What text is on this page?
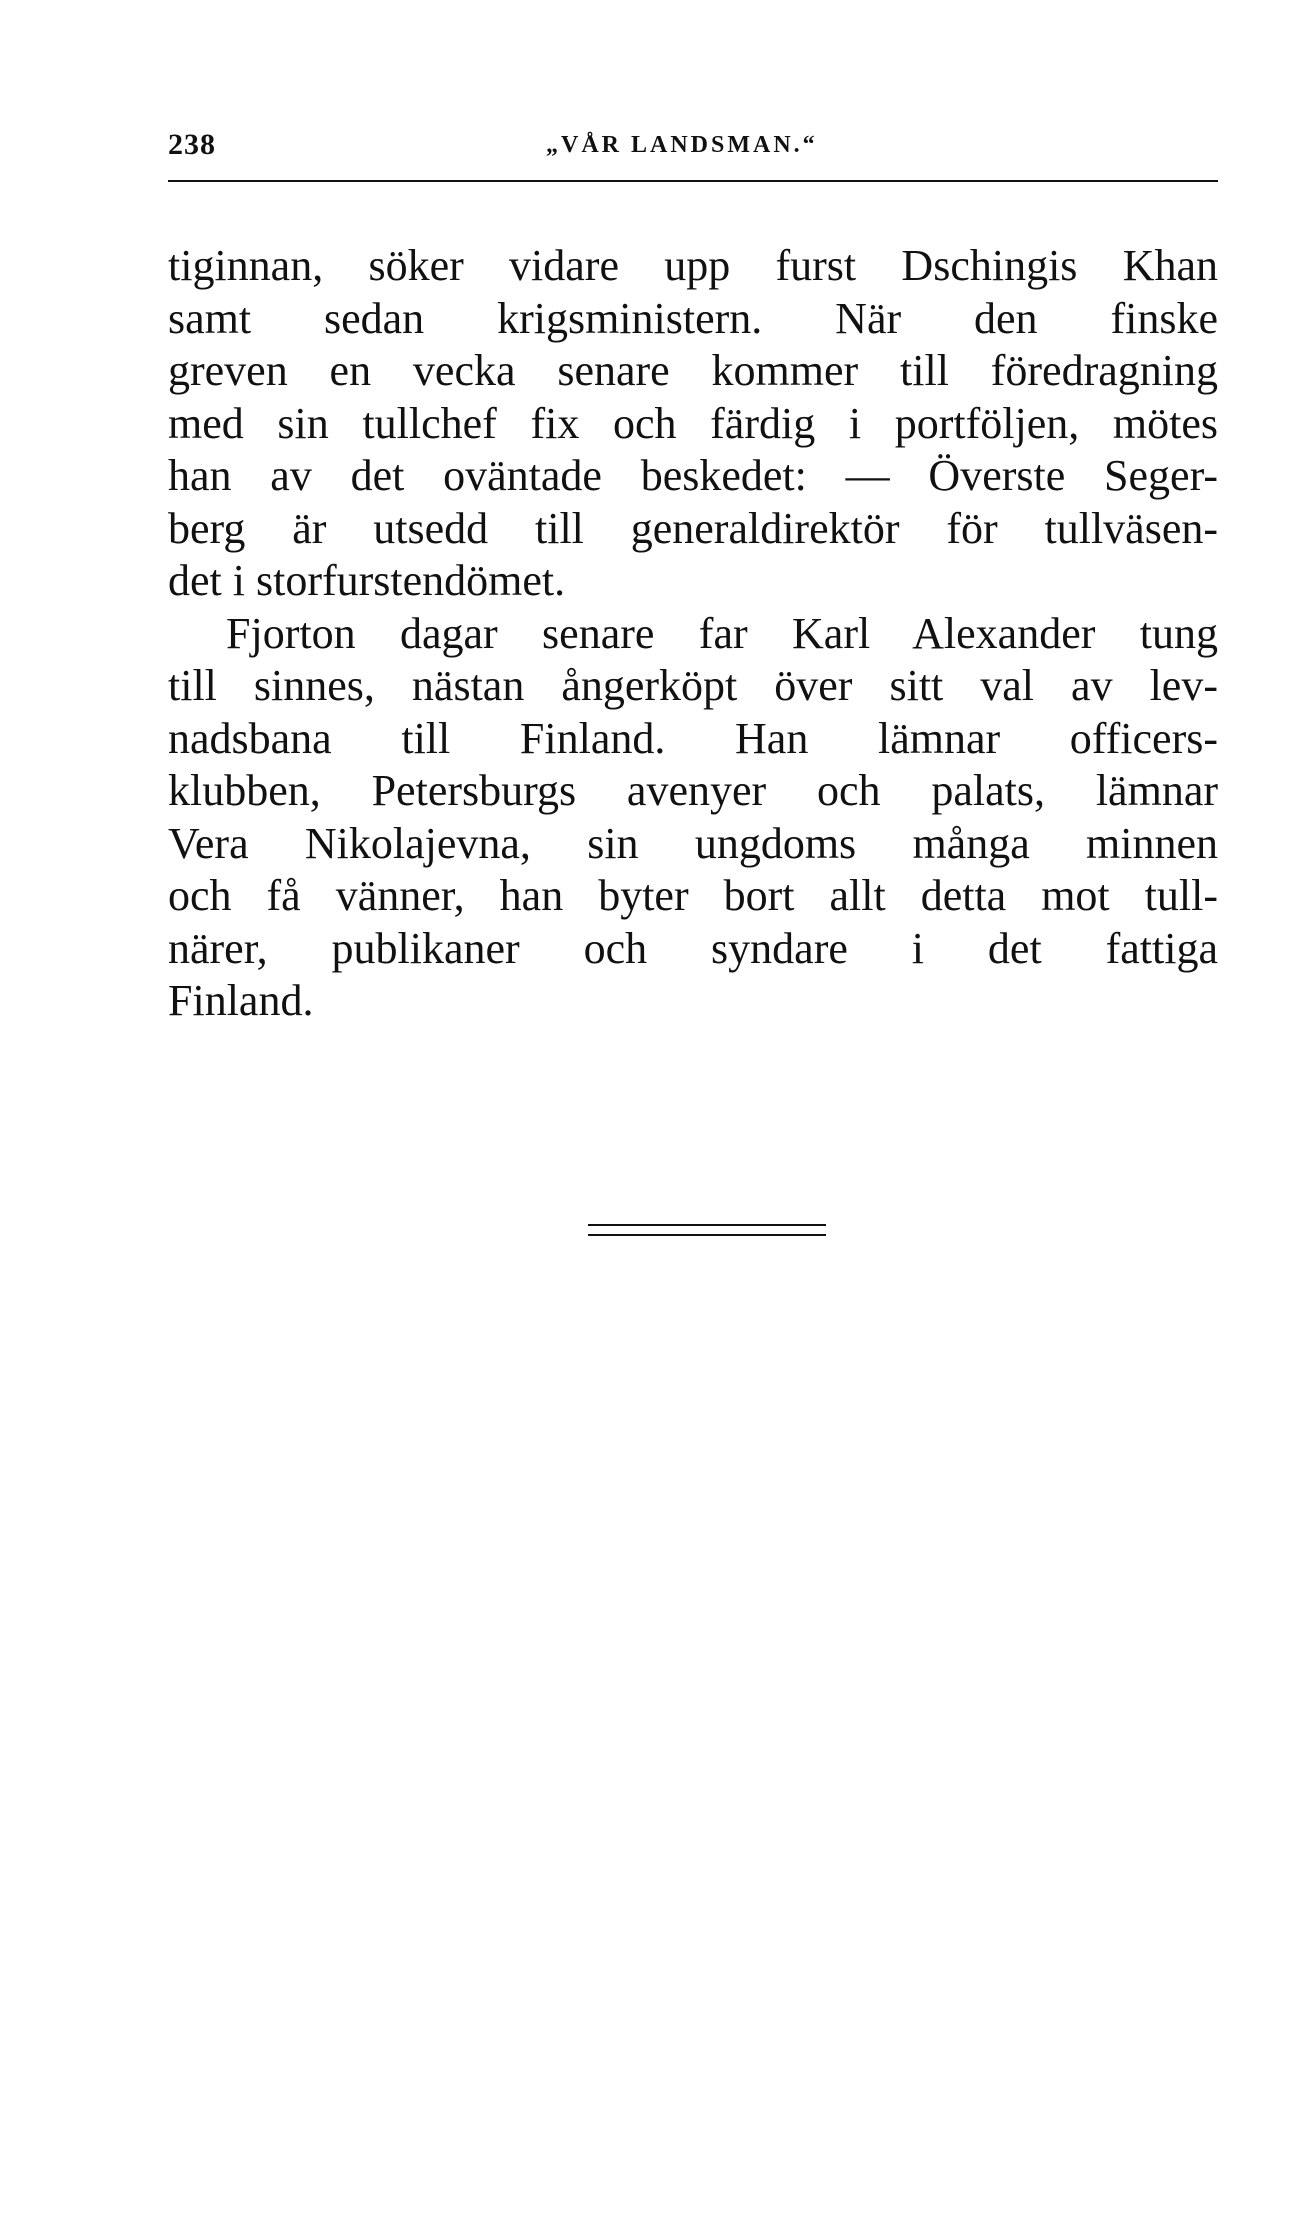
238	„VÅR LANDSMAN.“
tiginnan, söker vidare upp furst Dschingis Khan
samt sedan krigsministern. När den finske
greven en vecka senare kommer till föredragning
med sin tullchef fix och färdig i portföljen, mötes
han av det oväntade beskedet: — Överste Seger-
berg är utsedd till generaldirektör för tullväsen-
det i storfurstendömet.
Fjorton dagar senare far Karl Alexander tung
till sinnes, nästan ångerköpt över sitt val av lev-
nadsbana till Finland. Han lämnar officers-
klubben, Petersburgs avenyer och palats, lämnar
Vera Nikolajevna, sin ungdoms många minnen
och få vänner, han byter bort allt detta mot tull-
närer, publikaner och syndare i det fattiga
Finland.
